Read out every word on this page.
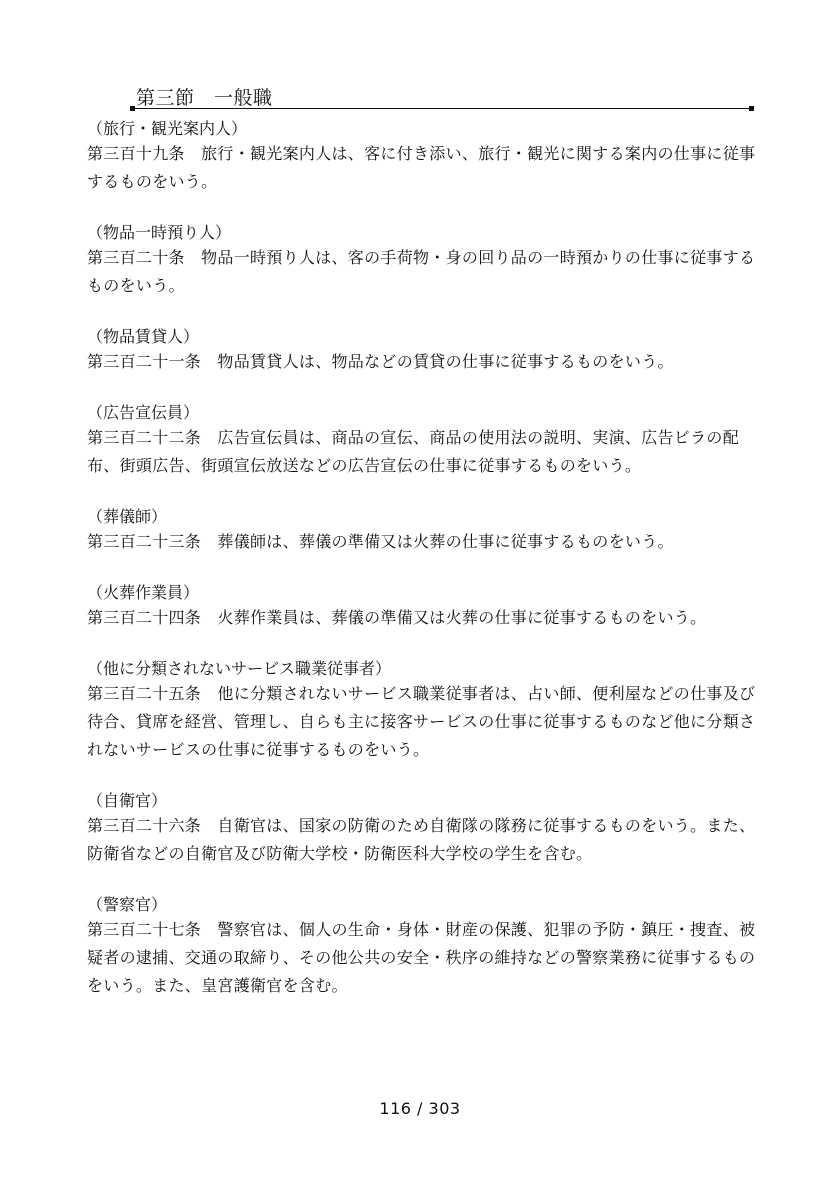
第三節　一般職
（旅行・観光案内人）
第三百十九条　旅行・観光案内人は、客に付き添い、旅行・観光に関する案内の仕事に従事するものをいう。
（物品一時預り人）
第三百二十条　物品一時預り人は、客の手荷物・身の回り品の一時預かりの仕事に従事するものをいう。
（物品賃貸人）
第三百二十一条　物品賃貸人は、物品などの賃貸の仕事に従事するものをいう。
（広告宣伝員）
第三百二十二条　広告宣伝員は、商品の宣伝、商品の使用法の説明、実演、広告ビラの配布、街頭広告、街頭宣伝放送などの広告宣伝の仕事に従事するものをいう。
（葬儀師）
第三百二十三条　葬儀師は、葬儀の準備又は火葬の仕事に従事するものをいう。
（火葬作業員）
第三百二十四条　火葬作業員は、葬儀の準備又は火葬の仕事に従事するものをいう。
（他に分類されないサービス職業従事者）
第三百二十五条　他に分類されないサービス職業従事者は、占い師、便利屋などの仕事及び待合、貸席を経営、管理し、自らも主に接客サービスの仕事に従事するものなど他に分類されないサービスの仕事に従事するものをいう。
（自衛官）
第三百二十六条　自衛官は、国家の防衛のため自衛隊の隊務に従事するものをいう。また、防衛省などの自衛官及び防衛大学校・防衛医科大学校の学生を含む。
（警察官）
第三百二十七条　警察官は、個人の生命・身体・財産の保護、犯罪の予防・鎮圧・捜査、被疑者の逮捕、交通の取締り、その他公共の安全・秩序の維持などの警察業務に従事するものをいう。また、皇宮護衛官を含む。
116 / 303
